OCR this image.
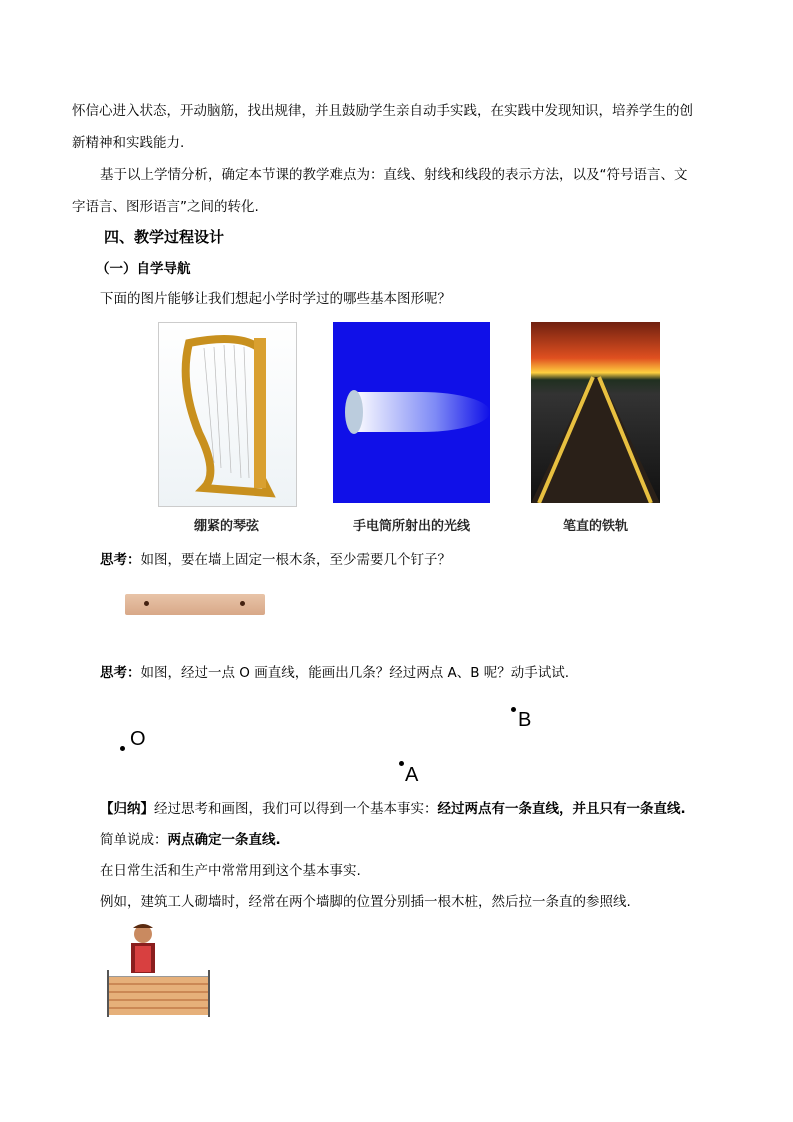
怀信心进入状态，开动脑筋，找出规律，并且鼓励学生亲自动手实践，在实践中发现知识，培养学生的创
新精神和实践能力.
基于以上学情分析，确定本节课的教学难点为：直线、射线和线段的表示方法，以及“符号语言、文
字语言、图形语言”之间的转化.
四、教学过程设计
（一）自学导航
下面的图片能够让我们想起小学时学过的哪些基本图形呢？
绷紧的琴弦	手电筒所射出的光线	笔直的铁轨
思考：如图，要在墙上固定一根木条，至少需要几个钉子？
思考：如图，经过一点 O 画直线，能画出几条？经过两点 A、B 呢？动手试试.
O
B
A
【归纳】经过思考和画图，我们可以得到一个基本事实：经过两点有一条直线，并且只有一条直线.
简单说成：两点确定一条直线.
在日常生活和生产中常常用到这个基本事实.
例如，建筑工人砌墙时，经常在两个墙脚的位置分别插一根木桩，然后拉一条直的参照线.
